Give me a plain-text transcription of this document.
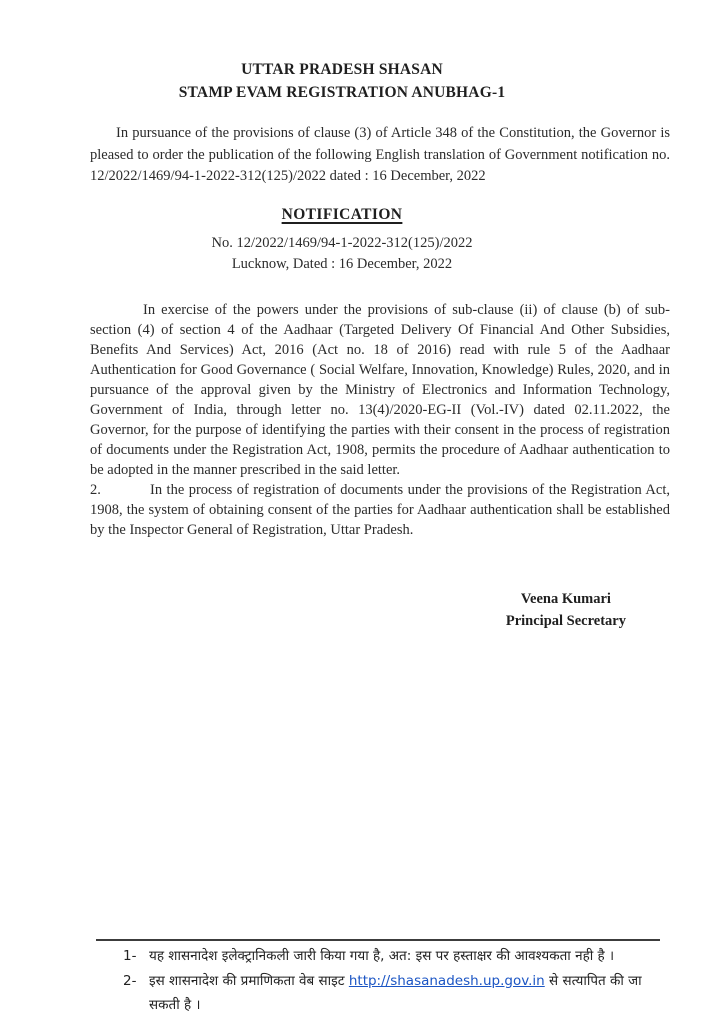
UTTAR PRADESH SHASAN
STAMP EVAM REGISTRATION ANUBHAG-1

In pursuance of the provisions of clause (3) of Article 348 of the Constitution, the Governor is pleased to order the publication of the following English translation of Government notification no. 12/2022/1469/94-1-2022-312(125)/2022 dated : 16 December, 2022

NOTIFICATION
No. 12/2022/1469/94-1-2022-312(125)/2022
Lucknow, Dated : 16 December, 2022

In exercise of the powers under the provisions of sub-clause (ii) of clause (b) of sub-section (4) of section 4 of the Aadhaar (Targeted Delivery Of Financial And Other Subsidies, Benefits And Services) Act, 2016 (Act no. 18 of 2016) read with rule 5 of the Aadhaar Authentication for Good Governance ( Social Welfare, Innovation, Knowledge) Rules, 2020, and in pursuance of the approval given by the Ministry of Electronics and Information Technology, Government of India, through letter no. 13(4)/2020-EG-II (Vol.-IV) dated 02.11.2022, the Governor, for the purpose of identifying the parties with their consent in the process of registration of documents under the Registration Act, 1908, permits the procedure of Aadhaar authentication to be adopted in the manner prescribed in the said letter.

2.	In the process of registration of documents under the provisions of the Registration Act, 1908, the system of obtaining consent of the parties for Aadhaar authentication shall be established by the Inspector General of Registration, Uttar Pradesh.

Veena Kumari
Principal Secretary
1- यह शासनादेश इलेक्ट्रानिकली जारी किया गया है, अत: इस पर हस्ताक्षर की आवश्यकता नही है ।
2- इस शासनादेश की प्रमाणिकता वेब साइट http://shasanadesh.up.gov.in से सत्यापित की जा सकती है ।
